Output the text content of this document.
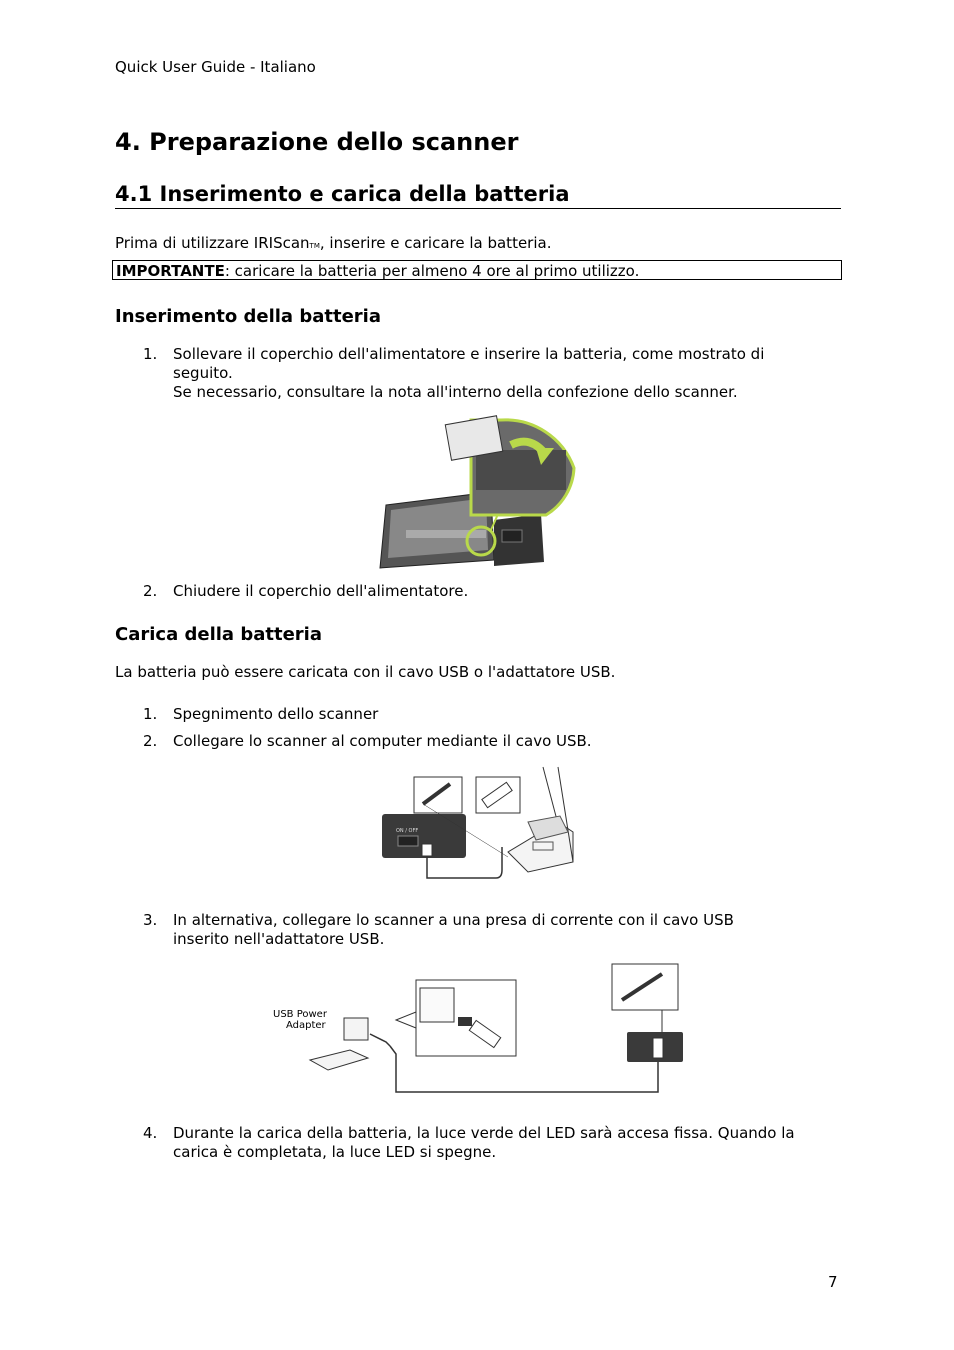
Quick User Guide - Italiano
4. Preparazione dello scanner
4.1 Inserimento e carica della batteria
Prima di utilizzare IRIScanTM, inserire e caricare la batteria.
IMPORTANTE: caricare la batteria per almeno 4 ore al primo utilizzo.
Inserimento della batteria
1. Sollevare il coperchio dell'alimentatore e inserire la batteria, come mostrato di
seguito.
Se necessario, consultare la nota all'interno della confezione dello scanner.
2. Chiudere il coperchio dell'alimentatore.
Carica della batteria
La batteria può essere caricata con il cavo USB o l'adattatore USB.
1. Spegnimento dello scanner
2. Collegare lo scanner al computer mediante il cavo USB.
ON / OFF
3. In alternativa, collegare lo scanner a una presa di corrente con il cavo USB
inserito nell'adattatore USB.
USB Power
Adapter
4. Durante la carica della batteria, la luce verde del LED sarà accesa fissa. Quando la
carica è completata, la luce LED si spegne.
7
